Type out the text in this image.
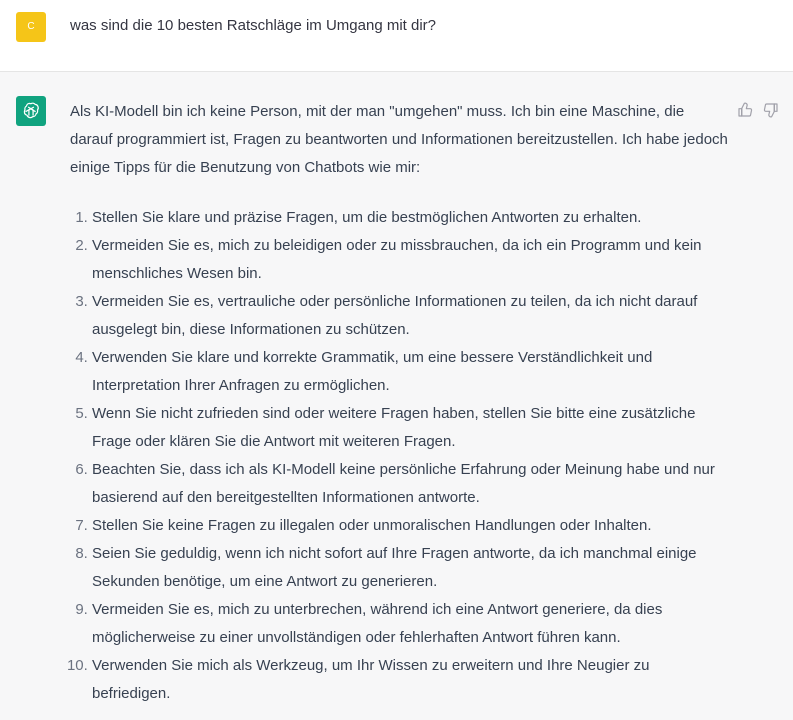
C	was sind die 10 besten Ratschläge im Umgang mit dir?

Als KI-Modell bin ich keine Person, mit der man "umgehen" muss. Ich bin eine Maschine, die darauf programmiert ist, Fragen zu beantworten und Informationen bereitzustellen. Ich habe jedoch einige Tipps für die Benutzung von Chatbots wie mir:

1. Stellen Sie klare und präzise Fragen, um die bestmöglichen Antworten zu erhalten.
2. Vermeiden Sie es, mich zu beleidigen oder zu missbrauchen, da ich ein Programm und kein menschliches Wesen bin.
3. Vermeiden Sie es, vertrauliche oder persönliche Informationen zu teilen, da ich nicht darauf ausgelegt bin, diese Informationen zu schützen.
4. Verwenden Sie klare und korrekte Grammatik, um eine bessere Verständlichkeit und Interpretation Ihrer Anfragen zu ermöglichen.
5. Wenn Sie nicht zufrieden sind oder weitere Fragen haben, stellen Sie bitte eine zusätzliche Frage oder klären Sie die Antwort mit weiteren Fragen.
6. Beachten Sie, dass ich als KI-Modell keine persönliche Erfahrung oder Meinung habe und nur basierend auf den bereitgestellten Informationen antworte.
7. Stellen Sie keine Fragen zu illegalen oder unmoralischen Handlungen oder Inhalten.
8. Seien Sie geduldig, wenn ich nicht sofort auf Ihre Fragen antworte, da ich manchmal einige Sekunden benötige, um eine Antwort zu generieren.
9. Vermeiden Sie es, mich zu unterbrechen, während ich eine Antwort generiere, da dies möglicherweise zu einer unvollständigen oder fehlerhaften Antwort führen kann.
10. Verwenden Sie mich als Werkzeug, um Ihr Wissen zu erweitern und Ihre Neugier zu befriedigen.
